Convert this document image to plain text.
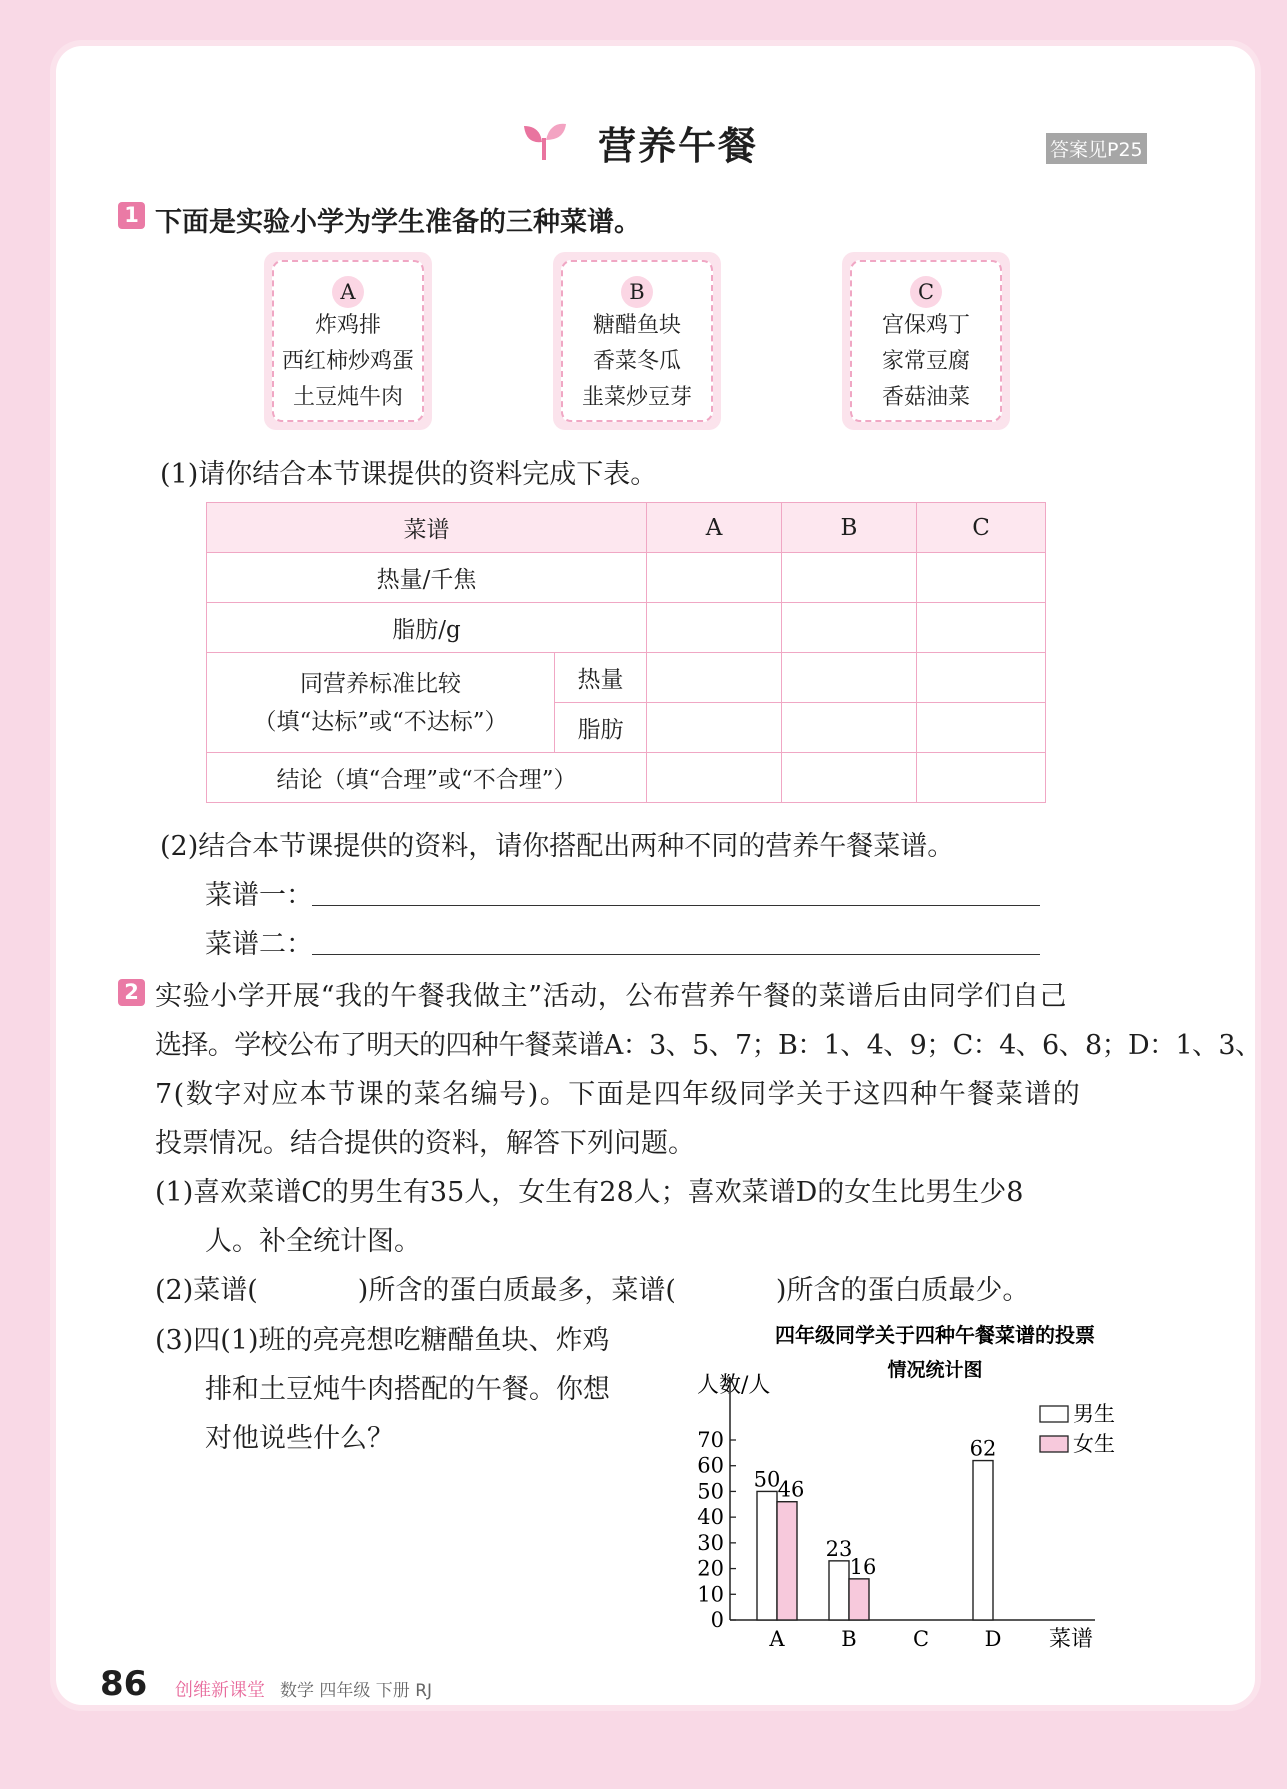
营养午餐	答案见P25
1 下面是实验小学为学生准备的三种菜谱。
A
炸鸡排
西红柿炒鸡蛋
土豆炖牛肉
B
糖醋鱼块
香菜冬瓜
韭菜炒豆芽
C
宫保鸡丁
家常豆腐
香菇油菜
(1)请你结合本节课提供的资料完成下表。
菜谱		A	B	C
热量/千焦				
脂肪/g				

同营养标准比较
（填“达标”或“不达标”）	热量			
	脂肪			
结论（填“合理”或“不合理”）				
(2)结合本节课提供的资料，请你搭配出两种不同的营养午餐菜谱。
菜谱一：
菜谱二：
2 实验小学开展“我的午餐我做主”活动，公布营养午餐的菜谱后由同学们自己
选择。学校公布了明天的四种午餐菜谱A：3、5、7；B：1、4、9；C：4、6、8；D：1、3、
7(数字对应本节课的菜名编号)。下面是四年级同学关于这四种午餐菜谱的
投票情况。结合提供的资料，解答下列问题。
(1)喜欢菜谱C的男生有35人，女生有28人；喜欢菜谱D的女生比男生少8
人。补全统计图。
(2)菜谱(	)所含的蛋白质最多，菜谱(	)所含的蛋白质最少。
(3)四(1)班的亮亮想吃糖醋鱼块、炸鸡
排和土豆炖牛肉搭配的午餐。你想
对他说些什么？
四年级同学关于四种午餐菜谱的投票
情况统计图
人数/人
菜谱
0
10
20
30
40
50
60
70
A
50
46
B
23
16
C	D
62
男生
女生
86 创维新课堂 数学 四年级 下册 RJ
